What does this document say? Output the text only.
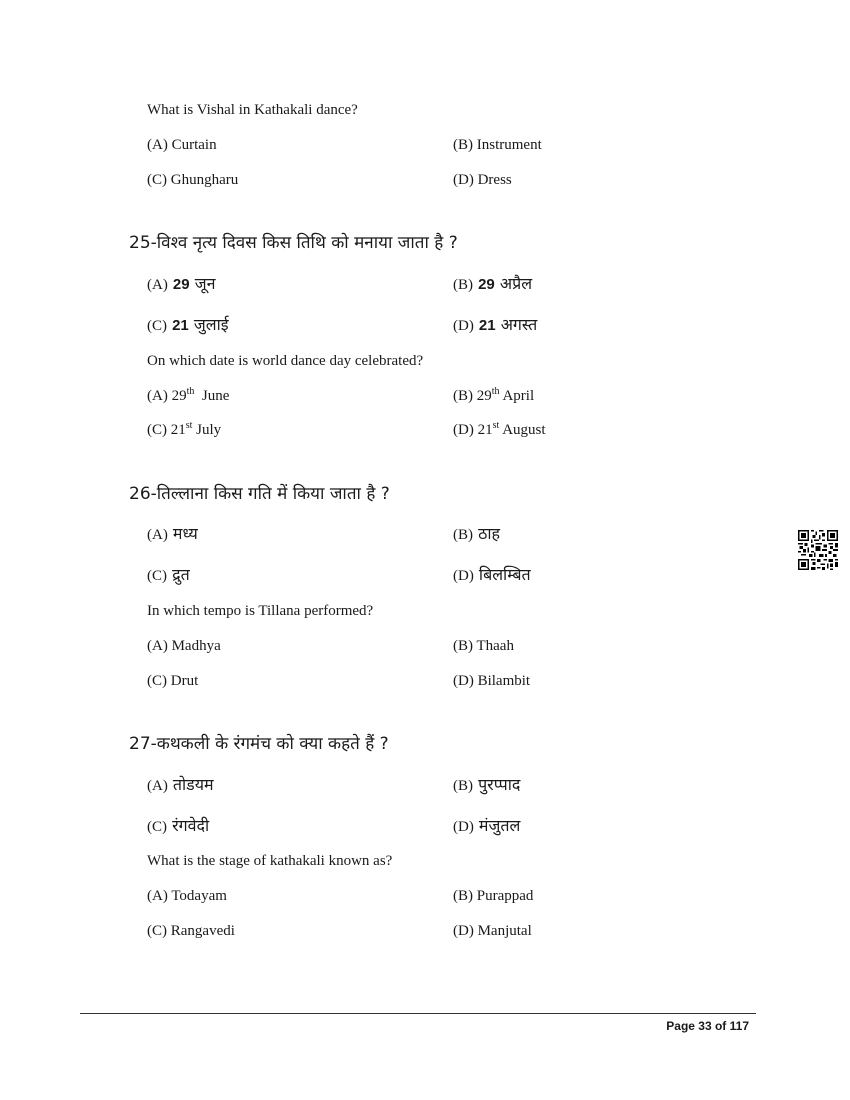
What is Vishal in Kathakali dance?
(A) Curtain	(B) Instrument
(C) Ghungharu	(D) Dress
25-विश्व नृत्य दिवस किस तिथि को मनाया जाता है ?
(A) 29 जून	(B) 29 अप्रैल
(C) 21 जुलाई	(D) 21 अगस्त
On which date is world dance day celebrated?
(A) 29th June	(B) 29th April
(C) 21st July	(D) 21st August
26-तिल्लाना किस गति में किया जाता है ?
(A) मध्य	(B) ठाह
(C) द्रुत	(D) बिलम्बित
In which tempo is Tillana performed?
(A) Madhya	(B) Thaah
(C) Drut	(D) Bilambit
27-कथकली के रंगमंच को क्या कहते हैं ?
(A) तोडयम	(B) पुरप्पाद
(C) रंगवेदी	(D) मंजुतल
What is the stage of kathakali known as?
(A) Todayam	(B) Purappad
(C) Rangavedi	(D) Manjutal
Page 33 of 117
